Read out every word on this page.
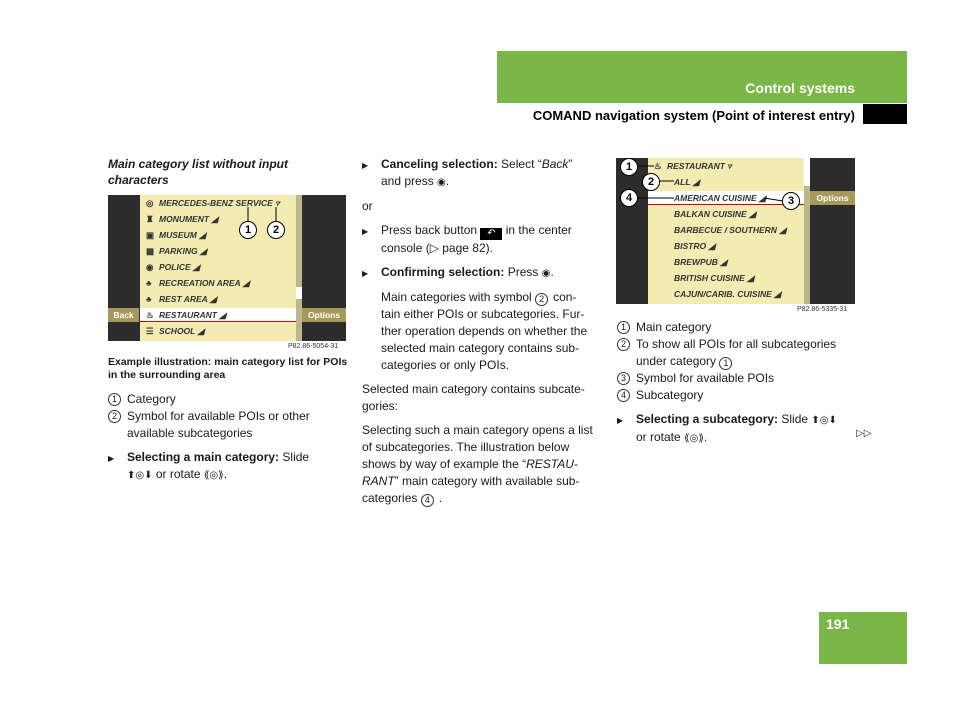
Control systems
COMAND navigation system (Point of interest entry)

Main category list without input characters

◎ MERCEDES-BENZ SERVICE ▿
♜ MONUMENT ◢
▣ MUSEUM ◢
▩ PARKING ◢
◉ POLICE ◢
♣ RECREATION AREA ◢
♣ REST AREA ◢
♨ RESTAURANT ◢
☰ SCHOOL ◢
Back	Options
1	2
P82.86-5054-31

Example illustration: main category list for POIs in the surrounding area

1 Category

2 Symbol for available POIs or other available subcategories

▶ Selecting a main category: Slide
⬆◎⬇ or rotate ⟪◎⟫.

▶ Canceling selection: Select “Back”
and press ◉.

or

▶ Press back button ↶ in the center
console (▷ page 82).

▶ Confirming selection: Press ◉.

Main categories with symbol 2 con-

tain either POIs or subcategories. Fur-

ther operation depends on whether the

selected main category contains sub-

categories or only POIs.

Selected main category contains subcate-

gories:

Selecting such a main category opens a list

of subcategories. The illustration below

shows by way of example the “RESTAU-

RANT” main category with available sub-

categories 4 .

♨ RESTAURANT ▿
ALL ◢
AMERICAN CUISINE ◢
BALKAN CUISINE ◢
BARBECUE / SOUTHERN ◢
BISTRO ◢
BREWPUB ◢
BRITISH CUISINE ◢
CAJUN/CARIB. CUISINE ◢
Options
1
2
4	3
P82.86-5335-31

1 Main category

2 To show all POIs for all subcategories under category 1

3 Symbol for available POIs

4 Subcategory

▶ Selecting a subcategory: Slide ⬆◎⬇
or rotate ⟪◎⟫.	▷▷
191
